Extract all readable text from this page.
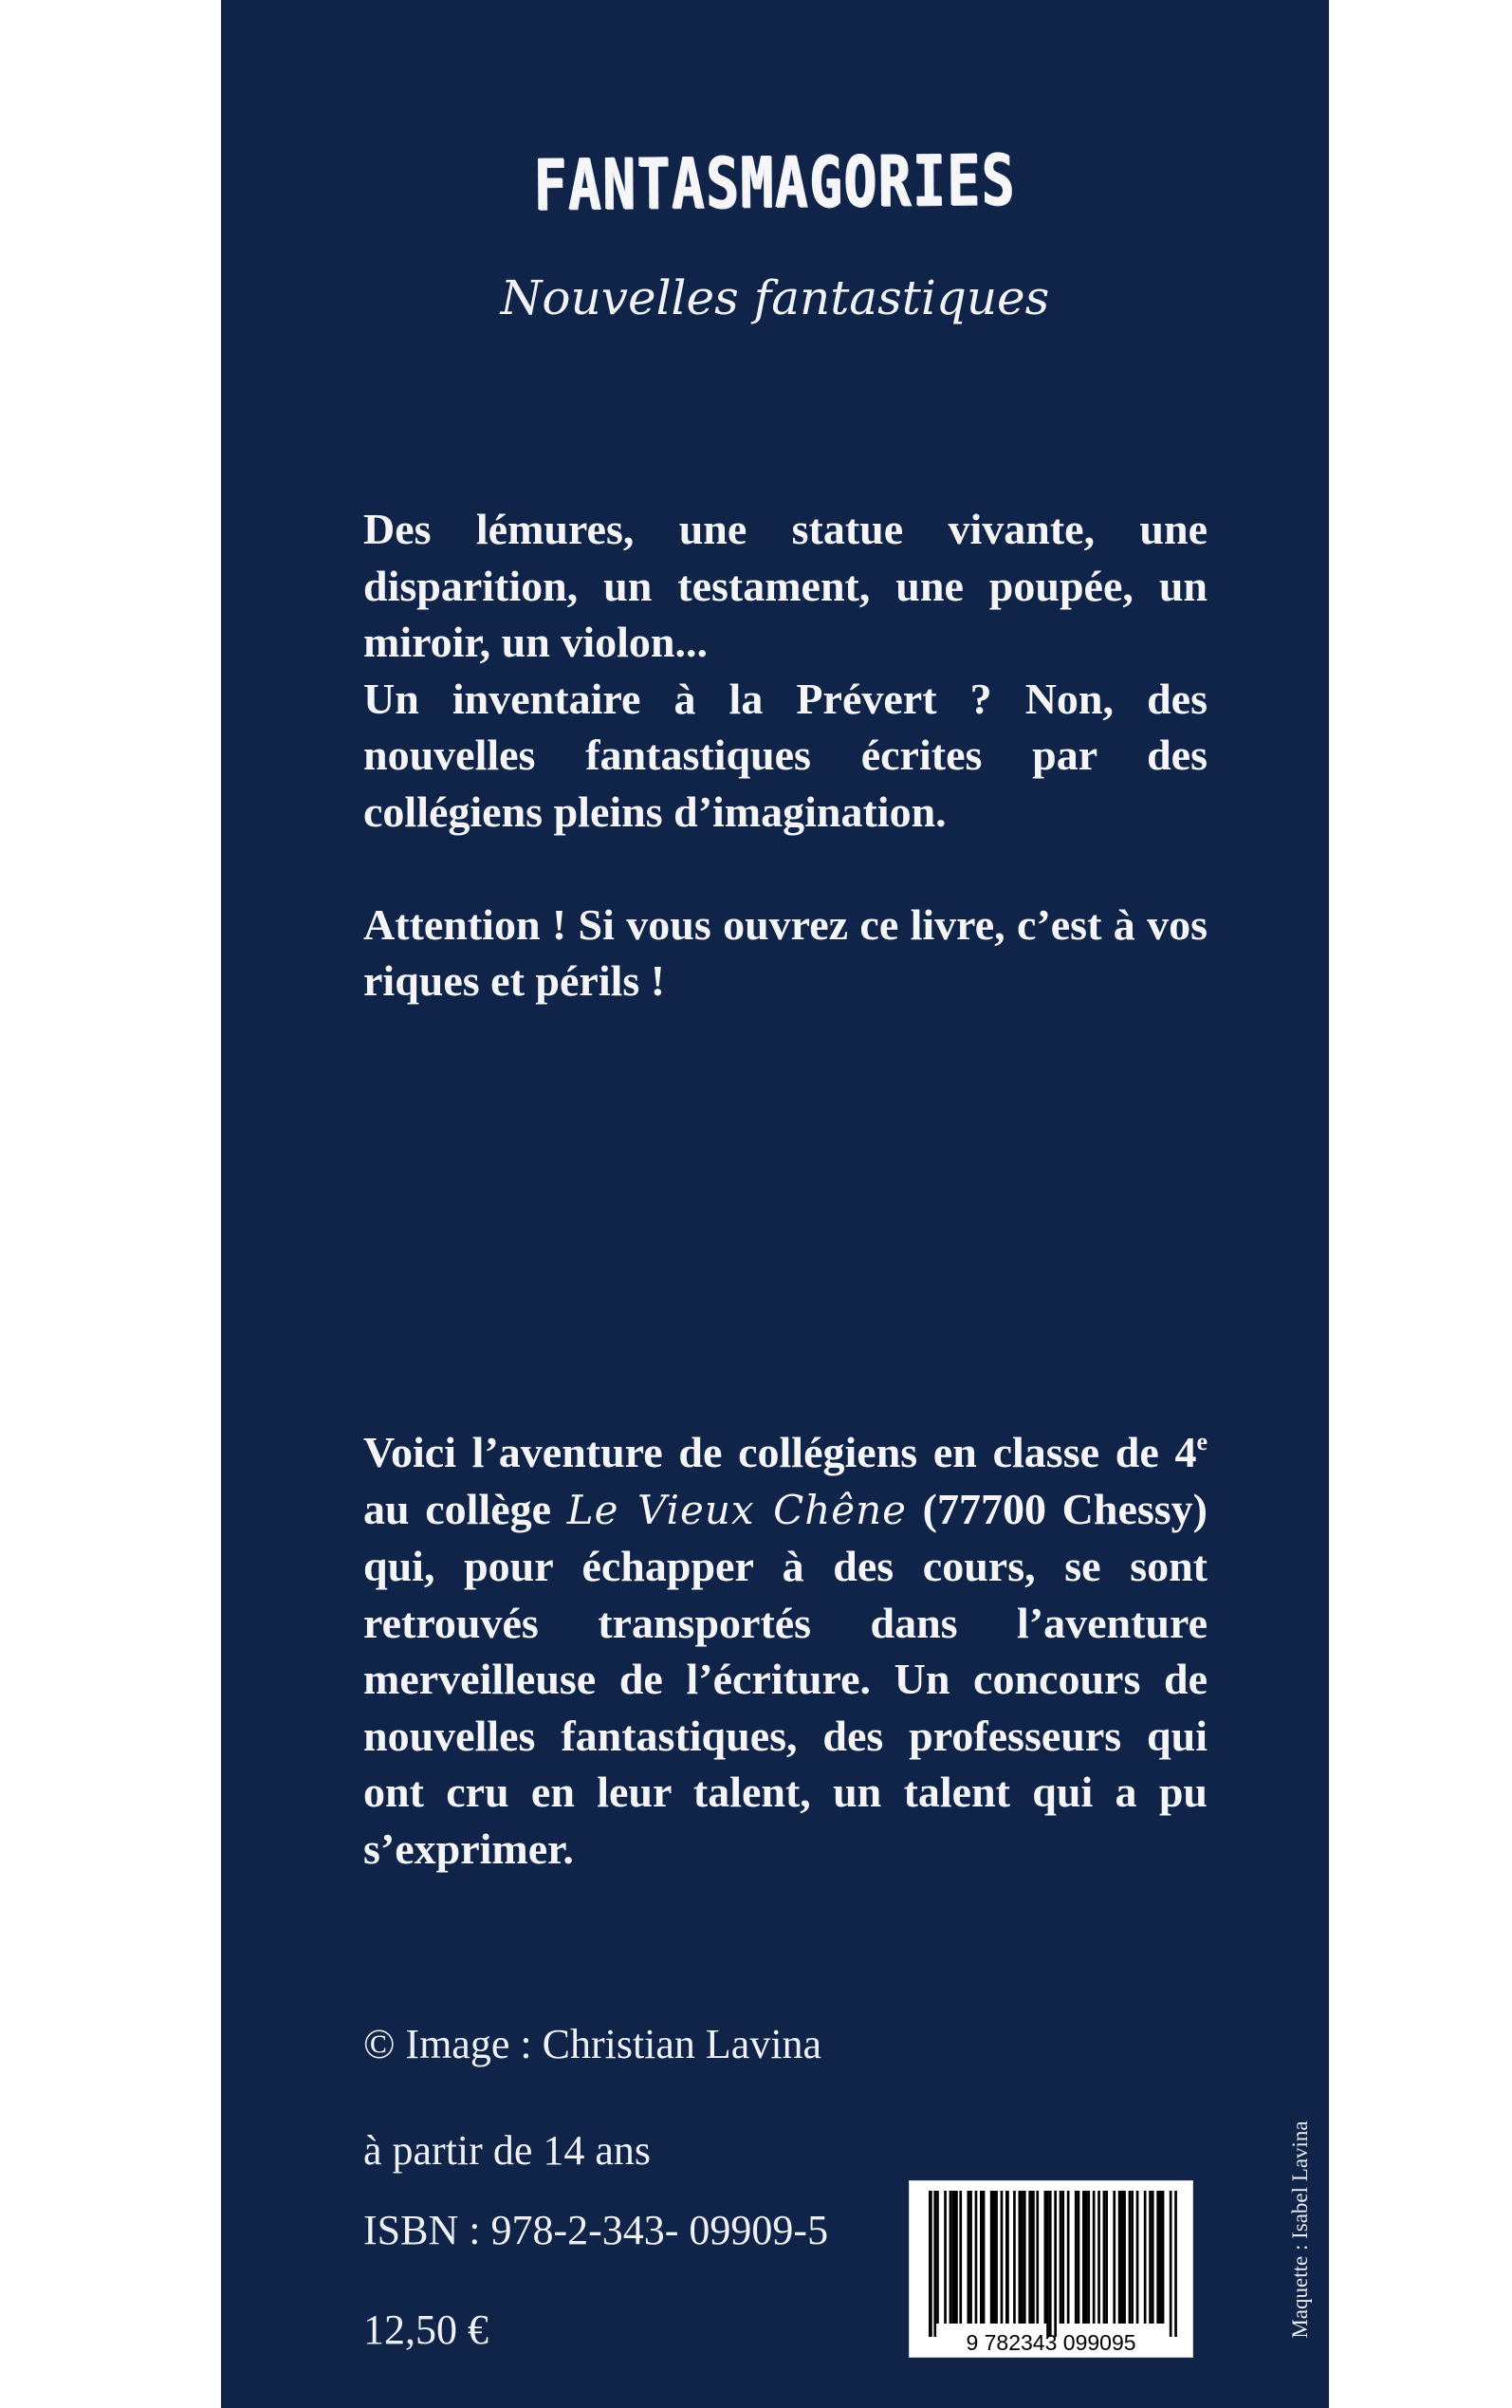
FANTASMAGORIES
Nouvelles fantastiques

Des lémures, une statue vivante, une disparition, un testament, une poupée, un miroir, un violon...

Un inventaire à la Prévert ? Non, des nouvelles fantastiques écrites par des collégiens pleins d’imagination.

Attention ! Si vous ouvrez ce livre, c’est à vos riques et périls !

Voici l’aventure de collégiens en classe de 4e au collège Le Vieux Chêne (77700 Chessy) qui, pour échapper à des cours, se sont retrouvés transportés dans l’aventure merveilleuse de l’écriture. Un concours de nouvelles fantastiques, des professeurs qui ont cru en leur talent, un talent qui a pu s’exprimer.

© Image : Christian Lavina
à partir de 14 ans
ISBN : 978-2-343- 09909-5
12,50 €	9 782343 099095
Maquette : Isabel Lavina
